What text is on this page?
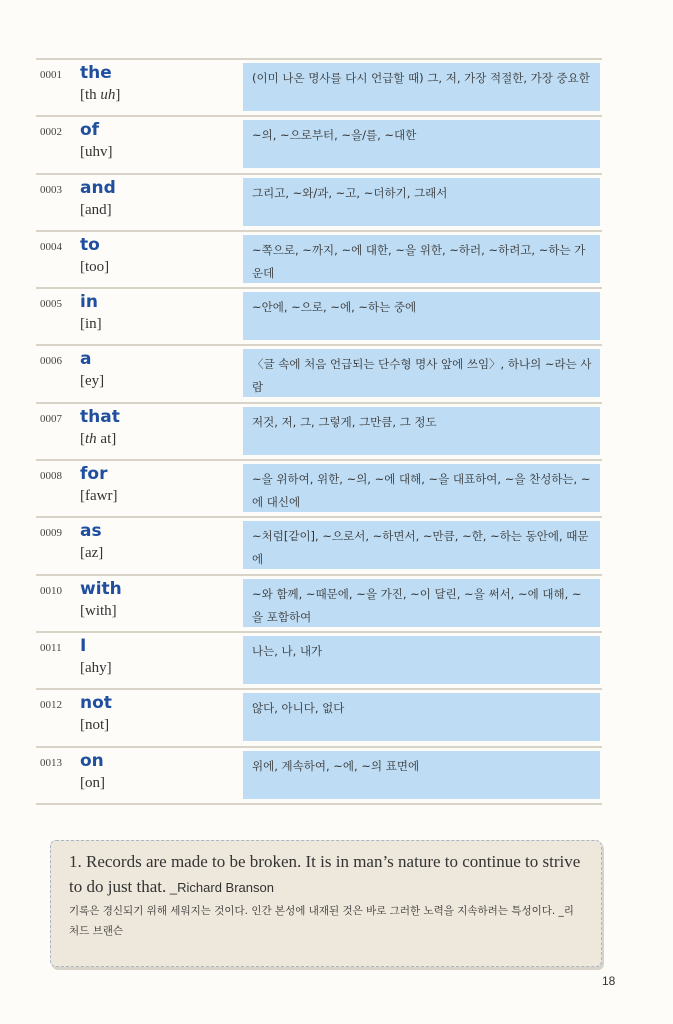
0001 the
[th uh]
(이미 나온 명사를 다시 언급할 때) 그, 저, 가장 적절한, 가장 중요한
0002 of
[uhv]
~의, ~으로부터, ~을/를, ~대한
0003 and
[and]
그리고, ~와/과, ~고, ~더하기, 그래서
0004 to
[too]
~쪽으로, ~까지, ~에 대한, ~을 위한, ~하러, ~하려고, ~하는 가운데
0005 in
[in]
~안에, ~으로, ~에, ~하는 중에
0006 a
[ey]
〈글 속에 처음 언급되는 단수형 명사 앞에 쓰임〉, 하나의 ~라는 사람
0007 that
[th at]
저것, 저, 그, 그렇게, 그만큼, 그 정도
0008 for
[fawr]
~을 위하여, 위한, ~의, ~에 대해, ~을 대표하여, ~을 찬성하는, ~에 대신에
0009 as
[az]
~처럼[같이], ~으로서, ~하면서, ~만큼, ~한, ~하는 동안에, 때문에
0010 with
[with]
~와 함께, ~때문에, ~을 가진, ~이 달린, ~을 써서, ~에 대해, ~을 포함하여
0011 I
[ahy]
나는, 나, 내가
0012 not
[not]
않다, 아니다, 없다
0013 on
[on]
위에, 계속하여, ~에, ~의 표면에
1. Records are made to be broken. It is in man’s nature to continue to strive to do just that. _Richard Branson
기록은 경신되기 위해 세워지는 것이다. 인간 본성에 내재된 것은 바로 그러한 노력을 지속하려는 특성이다. _리처드 브랜슨
18
